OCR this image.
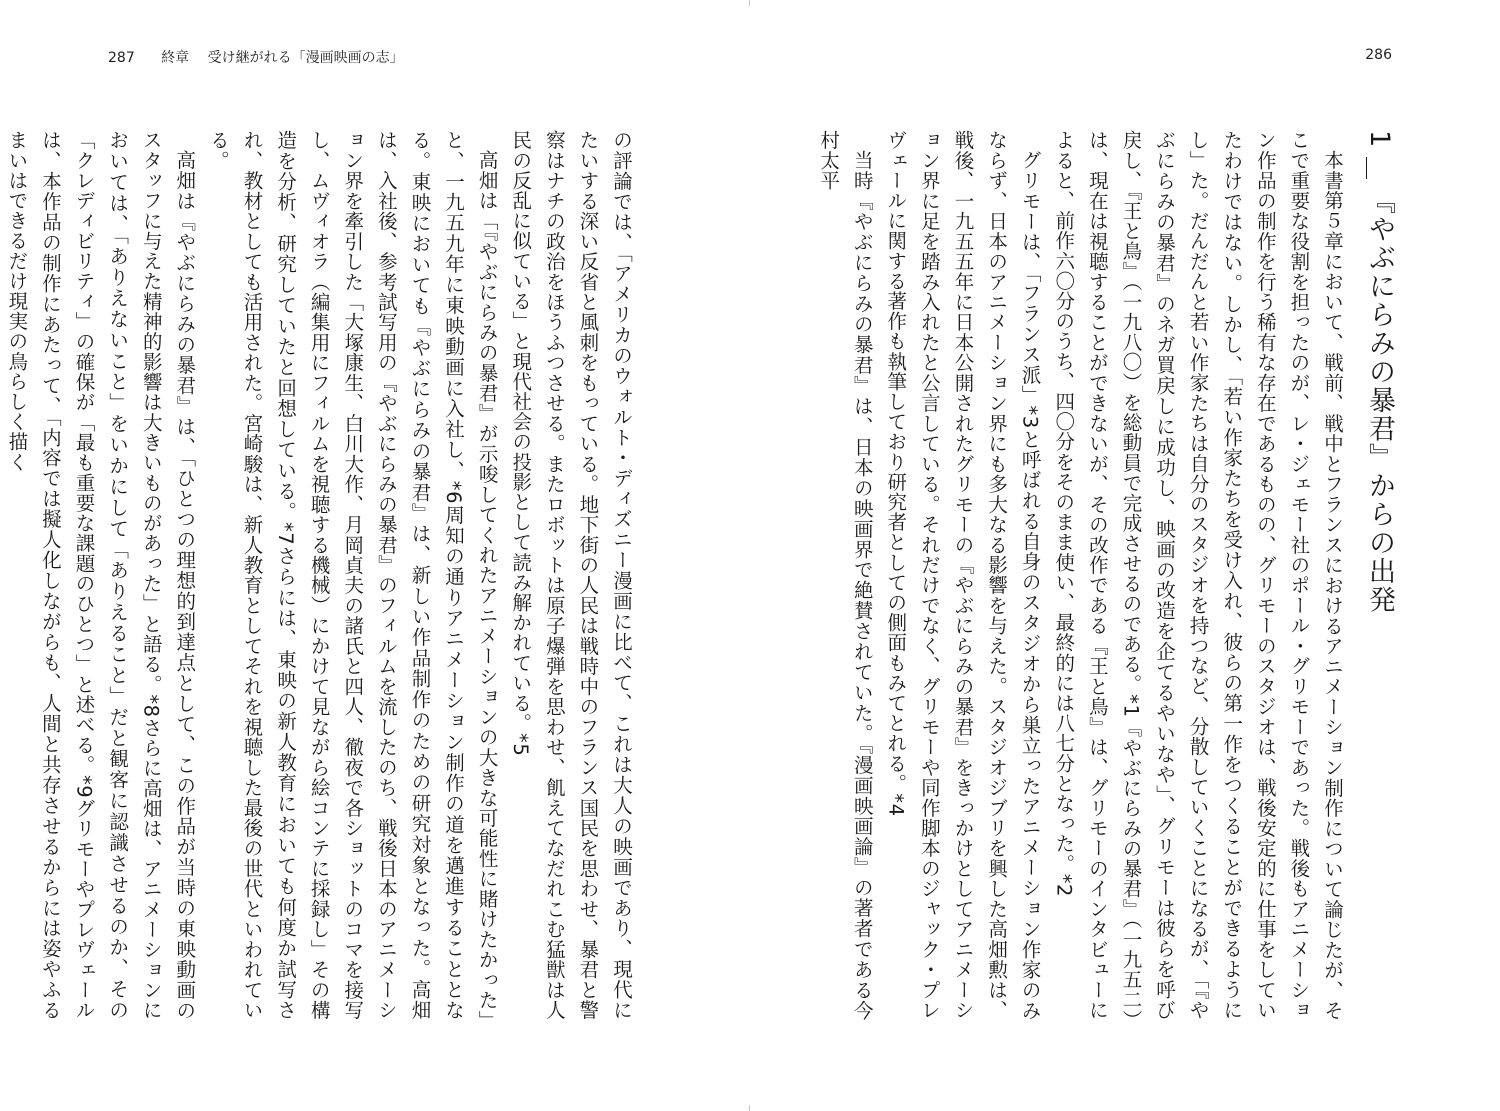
287 終章 受け継がれる「漫画映画の志」	286
1『やぶにらみの暴君』からの出発

本書第５章において、戦前、戦中とフランスにおけるアニメーション制作について論じたが、そこで重要な役割を担ったのが、レ・ジェモー社のポール・グリモーであった。戦後もアニメーション作品の制作を行う稀有な存在であるものの、グリモーのスタジオは、戦後安定的に仕事をしていたわけではない。しかし、「若い作家たちを受け入れ、彼らの第一作をつくることができるようにし」た。だんだんと若い作家たちは自分のスタジオを持つなど、分散していくことになるが、「『やぶにらみの暴君』のネガ買戻しに成功し、映画の改造を企てるやいなや」、グリモーは彼らを呼び戻し、『王と鳥』（一九八〇）を総動員で完成させるのである。*1『やぶにらみの暴君』（一九五二）は、現在は視聴することができないが、その改作である『王と鳥』は、グリモーのインタビューによると、前作六〇分のうち、四〇分をそのまま使い、最終的には八七分となった。*2

グリモーは、「フランス派」*3と呼ばれる自身のスタジオから巣立ったアニメーション作家のみならず、日本のアニメーション界にも多大なる影響を与えた。スタジオジブリを興した高畑勲は、戦後、一九五五年に日本公開されたグリモーの『やぶにらみの暴君』をきっかけとしてアニメーション界に足を踏み入れたと公言している。それだけでなく、グリモーや同作脚本のジャック・プレヴェールに関する著作も執筆しており研究者としての側面もみてとれる。*4

当時『やぶにらみの暴君』は、日本の映画界で絶賛されていた。『漫画映画論』の著者である今村太平

の評論では、「アメリカのウォルト・ディズニー漫画に比べて、これは大人の映画であり、現代にたいする深い反省と風刺をもっている。地下街の人民は戦時中のフランス国民を思わせ、暴君と警察はナチの政治をほうふつさせる。またロボットは原子爆弾を思わせ、飢えてなだれこむ猛獣は人民の反乱に似ている」と現代社会の投影として読み解かれている。*5

高畑は「『やぶにらみの暴君』が示唆してくれたアニメーションの大きな可能性に賭けたかった」と、一九五九年に東映動画に入社し、*6周知の通りアニメーション制作の道を邁進することとなる。東映においても『やぶにらみの暴君』は、新しい作品制作のための研究対象となった。高畑は、入社後、参考試写用の『やぶにらみの暴君』のフィルムを流したのち、戦後日本のアニメーション界を牽引した「大塚康生、白川大作、月岡貞夫の諸氏と四人、徹夜で各ショットのコマを接写し、ムヴィオラ（編集用にフィルムを視聴する機械）にかけて見ながら絵コンテに採録し」その構造を分析、研究していたと回想している。*7さらには、東映の新人教育においても何度か試写され、教材としても活用された。宮崎駿は、新人教育としてそれを視聴した最後の世代といわれている。

高畑は『やぶにらみの暴君』は、「ひとつの理想的到達点として、この作品が当時の東映動画のスタッフに与えた精神的影響は大きいものがあった」と語る。*8さらに高畑は、アニメーションにおいては、「ありえないこと」をいかにして「ありえること」だと観客に認識させるのか、その「クレディビリティ」の確保が「最も重要な課題のひとつ」と述べる。*9グリモーやプレヴェールは、本作品の制作にあたって、「内容では擬人化しながらも、人間と共存させるからには姿やふるまいはできるだけ現実の鳥らしく描く
